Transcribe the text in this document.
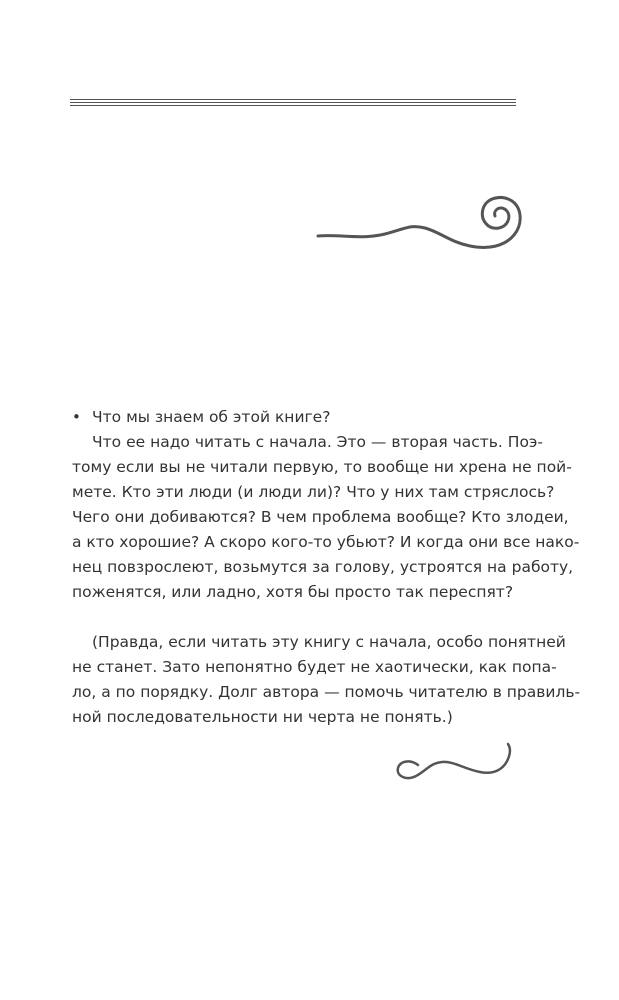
• Что мы знаем об этой книге?
Что ее надо читать с начала. Это — вторая часть. Поэ-
тому если вы не читали первую, то вообще ни хрена не пой-
мете. Кто эти люди (и люди ли)? Что у них там стряслось?
Чего они добиваются? В чем проблема вообще? Кто злодеи,
а кто хорошие? А скоро кого-то убьют? И когда они все нако-
нец повзрослеют, возьмутся за голову, устроятся на работу,
поженятся, или ладно, хотя бы просто так переспят?
(Правда, если читать эту книгу с начала, особо понятней
не станет. Зато непонятно будет не хаотически, как попа-
ло, а по порядку. Долг автора — помочь читателю в правиль-
ной последовательности ни черта не понять.)
